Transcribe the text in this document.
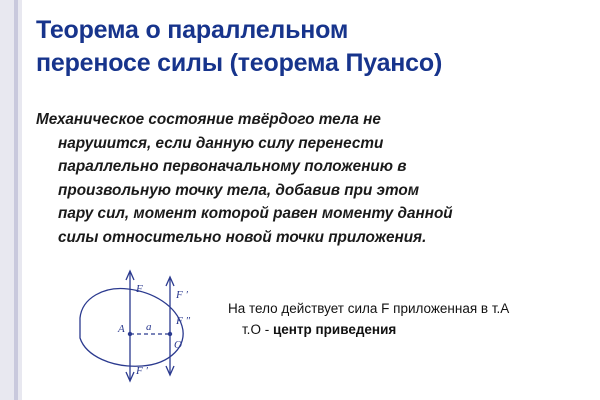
Теорема о параллельном
переносе силы (теорема Пуансо)
Механическое состояние твёрдого тела не
нарушится, если данную силу перенести
параллельно первоначальному положению в
произвольную точку тела, добавив при этом
пару сил, момент которой равен моменту данной
силы относительно новой точки приложения.
F	F ′
F ″
A
O
a
F ′
На тело действует сила F приложенная в т.А
т.О - центр приведения
